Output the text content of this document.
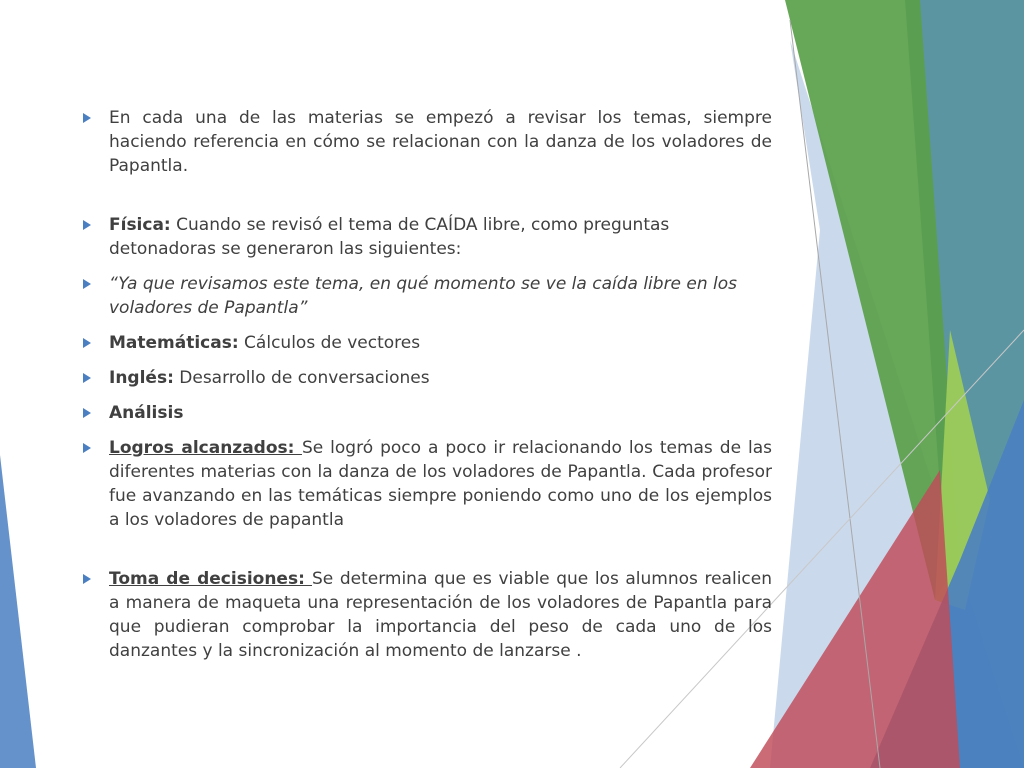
En cada una de las materias se empezó a revisar los temas, siempre haciendo referencia en cómo se relacionan con la danza de los voladores de Papantla.
Física: Cuando se revisó el tema de CAÍDA libre, como preguntas detonadoras se generaron las siguientes:
“Ya que revisamos este tema, en qué momento se ve la caída libre en los voladores de Papantla”
Matemáticas: Cálculos de vectores
Inglés: Desarrollo de conversaciones
Análisis
Logros alcanzados: Se logró poco a poco ir relacionando los temas de las diferentes materias con la danza de los voladores de Papantla. Cada profesor fue avanzando en las temáticas siempre poniendo como uno de los ejemplos a los voladores de papantla
Toma de decisiones: Se determina que es viable que los alumnos realicen a manera de maqueta una representación de los voladores de Papantla para que pudieran comprobar la importancia del peso de cada uno de los danzantes y la sincronización al momento de lanzarse .
